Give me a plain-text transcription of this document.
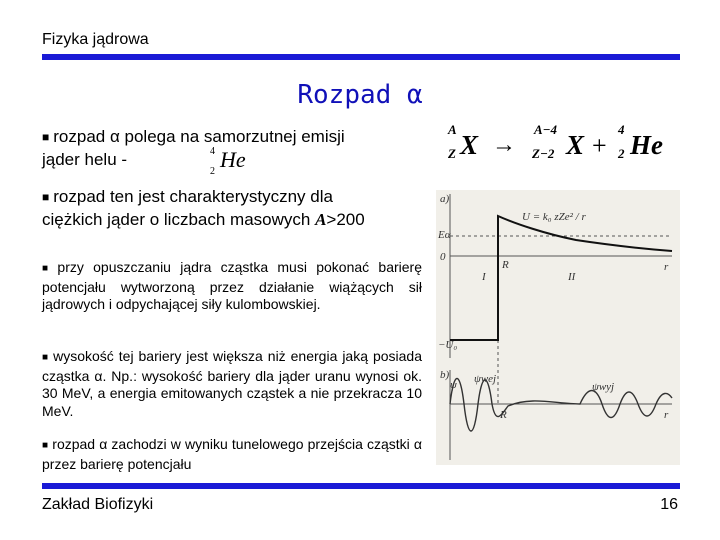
Fizyka jądrowa
Rozpad α
■ rozpad α polega na samorzutnej emisji
jąder helu -	4
2 He
■ rozpad ten jest charakterystyczny dla
ciężkich jąder o liczbach masowych A>200
■ przy opuszczaniu jądra cząstka musi pokonać barierę potencjału wytworzoną przez działanie wiążących sił jądrowych i odpychającej siły kulombowskiej.
■ wysokość tej bariery jest większa niż energia jaką posiada cząstka α. Np.: wysokość bariery dla jąder uranu wynosi ok. 30 MeV, a energia emitowanych cząstek a nie przekracza 10 MeV.
■ rozpad α zachodzi w wyniku tunelowego przejścia cząstki α przez barierę potencjału
A
Z X →
A−4
Z−2 X +
4
2 He
a)
Eα
0
−U₀
R	r
I	II
U = k₀ zZe² / r
b)
ψ ψwej
ψwyj
R	r
Zakład Biofizyki	16
